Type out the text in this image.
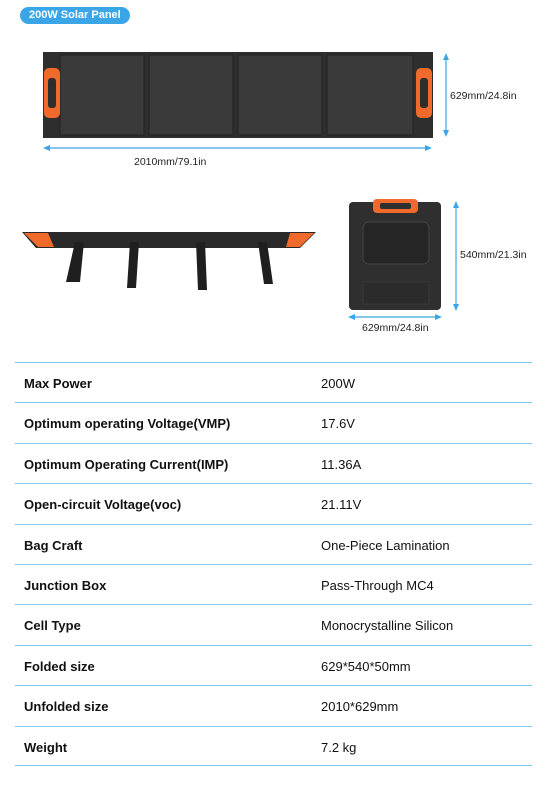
200W Solar Panel
2010mm/79.1in
629mm/24.8in
629mm/24.8in
540mm/21.3in
Max Power	200W
Optimum operating Voltage(VMP)	17.6V
Optimum Operating Current(IMP)	11.36A
Open-circuit Voltage(voc)	21.11V
Bag Craft	One-Piece Lamination
Junction Box	Pass-Through MC4
Cell Type	Monocrystalline Silicon
Folded size	629*540*50mm
Unfolded size	2010*629mm
Weight	7.2 kg
